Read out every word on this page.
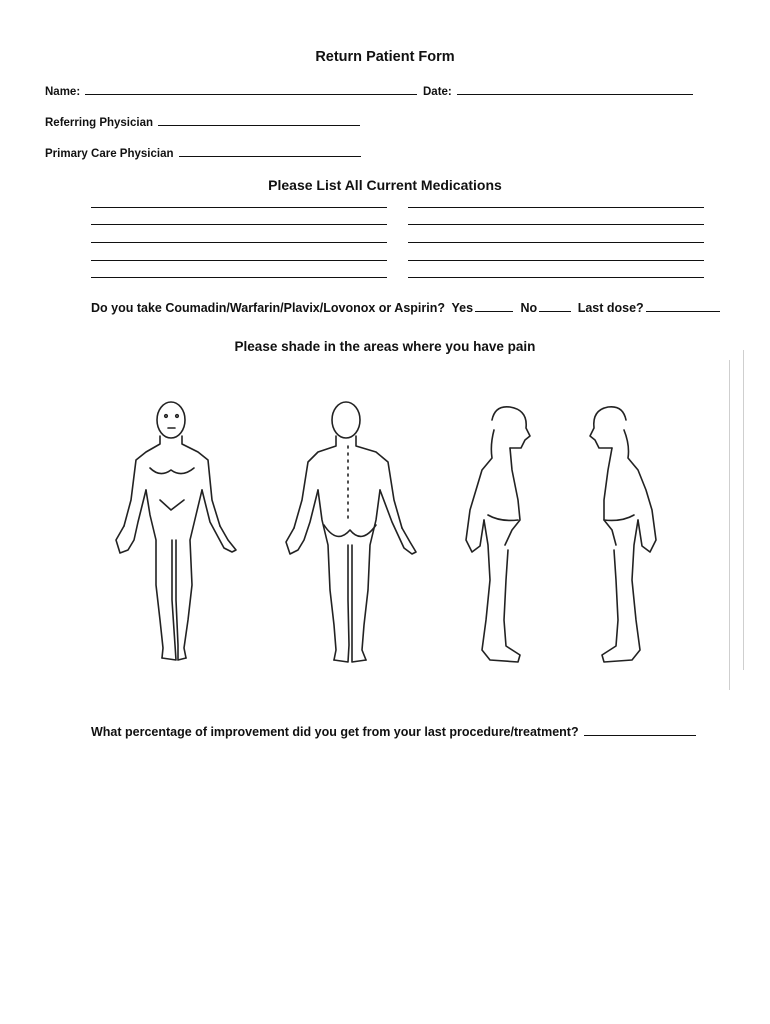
Return Patient Form
Name:	Date:
Referring Physician
Primary Care Physician
Please List All Current Medications
Do you take Coumadin/Warfarin/Plavix/Lovonox or Aspirin? Yes	No	Last dose?
Please shade in the areas where you have pain
What percentage of improvement did you get from your last procedure/treatment?
